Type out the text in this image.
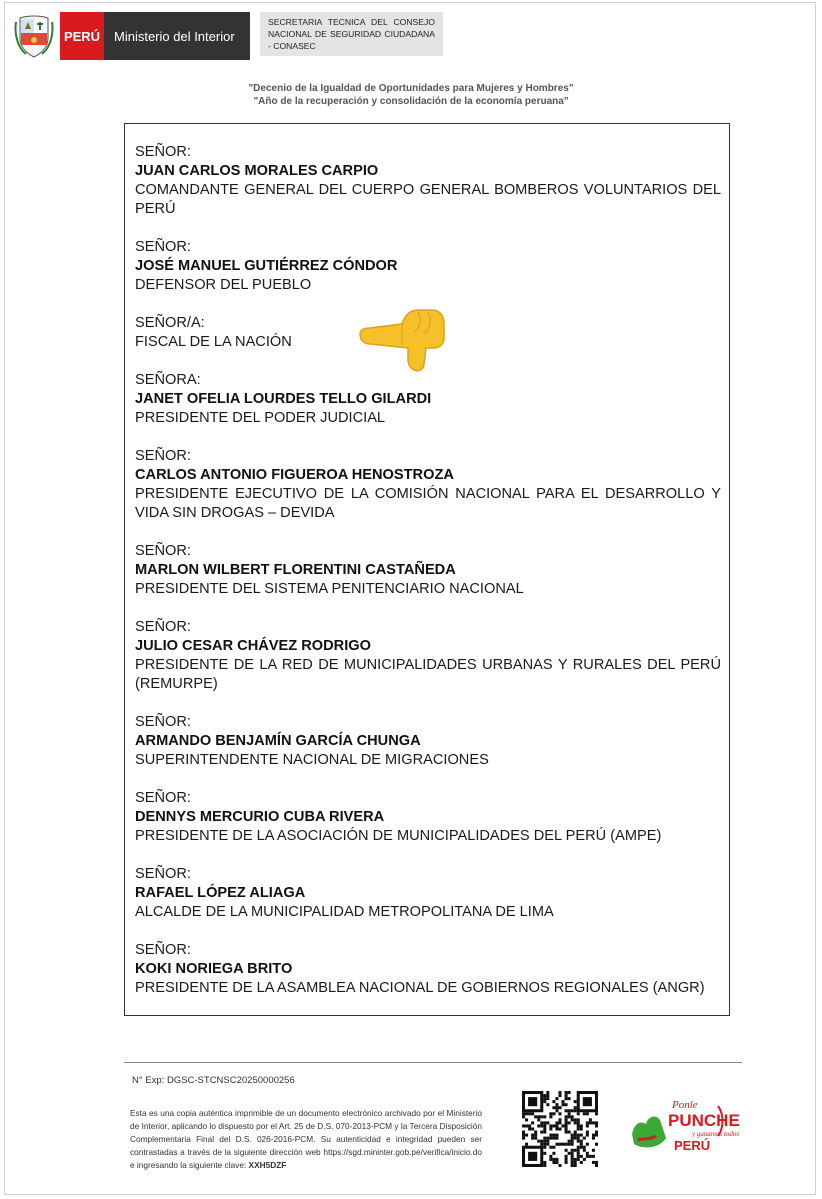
PERÚ	Ministerio del Interior
SECRETARIA TECNICA DEL CONSEJO NACIONAL DE SEGURIDAD CIUDADANA - CONASEC
"Decenio de la Igualdad de Oportunidades para Mujeres y Hombres"
"Año de la recuperación y consolidación de la economía peruana"
SEÑOR:
JUAN CARLOS MORALES CARPIO
COMANDANTE GENERAL DEL CUERPO GENERAL BOMBEROS VOLUNTARIOS DEL PERÚ
SEÑOR:
JOSÉ MANUEL GUTIÉRREZ CÓNDOR
DEFENSOR DEL PUEBLO
SEÑOR/A:
FISCAL DE LA NACIÓN
SEÑORA:
JANET OFELIA LOURDES TELLO GILARDI
PRESIDENTE DEL PODER JUDICIAL
SEÑOR:
CARLOS ANTONIO FIGUEROA HENOSTROZA
PRESIDENTE EJECUTIVO DE LA COMISIÓN NACIONAL PARA EL DESARROLLO Y VIDA SIN DROGAS – DEVIDA
SEÑOR:
MARLON WILBERT FLORENTINI CASTAÑEDA
PRESIDENTE DEL SISTEMA PENITENCIARIO NACIONAL
SEÑOR:
JULIO CESAR CHÁVEZ RODRIGO
PRESIDENTE DE LA RED DE MUNICIPALIDADES URBANAS Y RURALES DEL PERÚ (REMURPE)
SEÑOR:
ARMANDO BENJAMÍN GARCÍA CHUNGA
SUPERINTENDENTE NACIONAL DE MIGRACIONES
SEÑOR:
DENNYS MERCURIO CUBA RIVERA
PRESIDENTE DE LA ASOCIACIÓN DE MUNICIPALIDADES DEL PERÚ (AMPE)
SEÑOR:
RAFAEL LÓPEZ ALIAGA
ALCALDE DE LA MUNICIPALIDAD METROPOLITANA DE LIMA
SEÑOR:
KOKI NORIEGA BRITO
PRESIDENTE DE LA ASAMBLEA NACIONAL DE GOBIERNOS REGIONALES (ANGR)
N° Exp: DGSC-STCNSC20250000256
Esta es una copia auténtica imprimible de un documento electrónico archivado por el Ministerio de Interior, aplicando lo dispuesto por el Art. 25 de D.S. 070-2013-PCM y la Tercera Disposición Complementaria Final del D.S. 026-2016-PCM. Su autenticidad e integridad pueden ser contrastadas a través de la siguiente dirección web https://sgd.mininter.gob.pe/verifica/inicio.do e ingresando la siguiente clave: XXH5DZF
Ponle
PUNCHE
y ganamos todos
PERÚ
